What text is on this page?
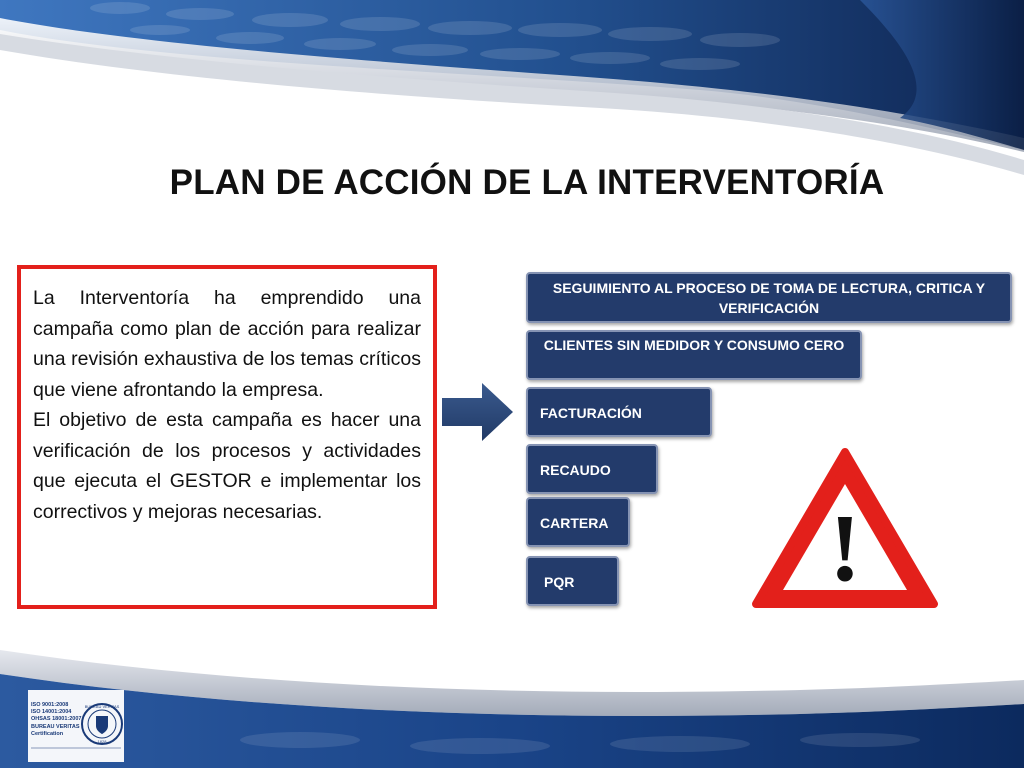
PLAN DE ACCIÓN DE LA INTERVENTORÍA

La Interventoría ha emprendido una campaña como plan de acción para realizar una revisión exhaustiva de los temas críticos que viene afrontando la empresa.

El objetivo de esta campaña es hacer una verificación de los procesos y actividades que ejecuta el GESTOR e implementar los correctivos y mejoras necesarias.

SEGUIMIENTO AL PROCESO DE TOMA DE LECTURA, CRITICA Y VERIFICACIÓN
CLIENTES SIN MEDIDOR Y CONSUMO CERO
FACTURACIÓN
RECAUDO
CARTERA
PQR	!
ISO 9001:2008
ISO 14001:2004
OHSAS 18001:2007
BUREAU VERITAS
Certification
BUREAU VERITAS
1828
